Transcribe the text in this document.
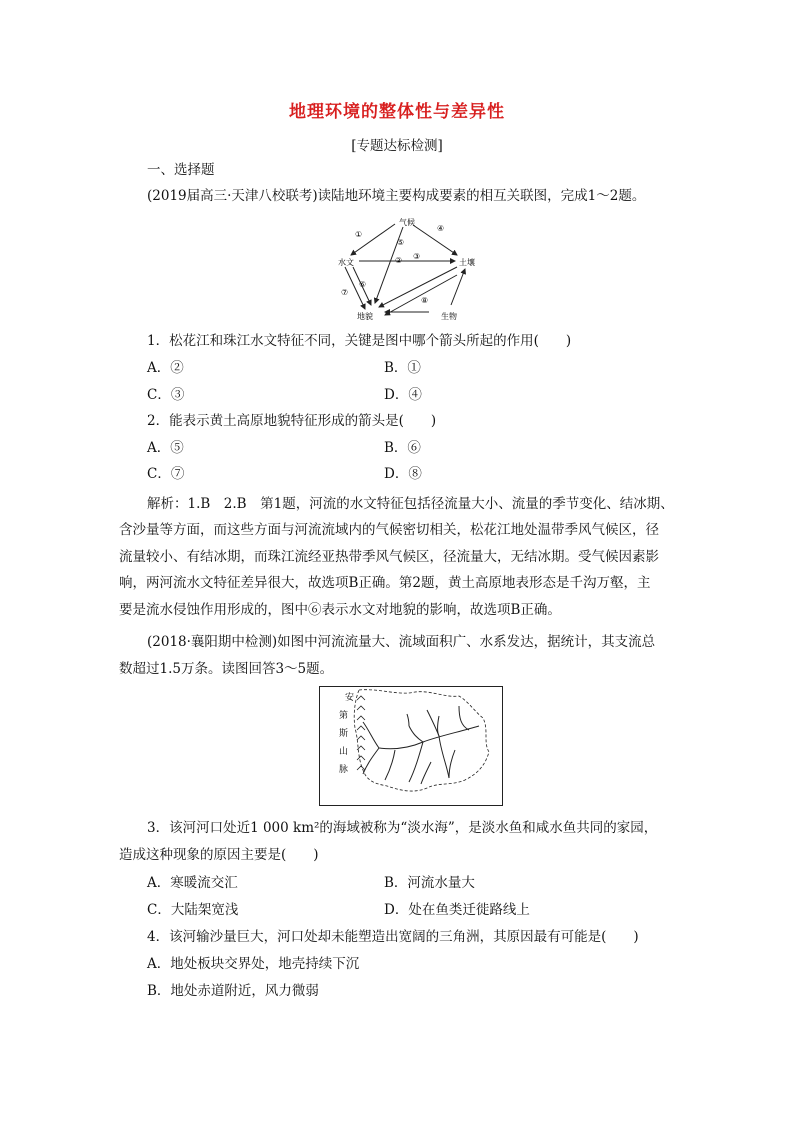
地理环境的整体性与差异性
[专题达标检测]
一、选择题
(2019届高三·天津八校联考)读陆地环境主要构成要素的相互关联图，完成1～2题。
气候
水文	土壤
地貌	生物
①
② ③
④
⑤
⑥
⑦
⑧
1．松花江和珠江水文特征不同，关键是图中哪个箭头所起的作用(　　)
A．②	B．①
C．③	D．④
2．能表示黄土高原地貌特征形成的箭头是(　　)
A．⑤	B．⑥
C．⑦	D．⑧
解析：1.B　2.B　第1题，河流的水文特征包括径流量大小、流量的季节变化、结冰期、
含沙量等方面，而这些方面与河流流域内的气候密切相关，松花江地处温带季风气候区，径
流量较小、有结冰期，而珠江流经亚热带季风气候区，径流量大，无结冰期。受气候因素影
响，两河流水文特征差异很大，故选项B正确。第2题，黄土高原地表形态是千沟万壑，主
要是流水侵蚀作用形成的，图中⑥表示水文对地貌的影响，故选项B正确。
(2018·襄阳期中检测)如图中河流流量大、流域面积广、水系发达，据统计，其支流总
数超过1.5万条。读图回答3～5题。
安
第
斯
山
脉
3．该河河口处近1 000 km²的海域被称为“淡水海”，是淡水鱼和咸水鱼共同的家园，
造成这种现象的原因主要是(　　)
A．寒暖流交汇	B．河流水量大
C．大陆架宽浅	D．处在鱼类迁徙路线上
4．该河输沙量巨大，河口处却未能塑造出宽阔的三角洲，其原因最有可能是(　　)
A．地处板块交界处，地壳持续下沉
B．地处赤道附近，风力微弱
